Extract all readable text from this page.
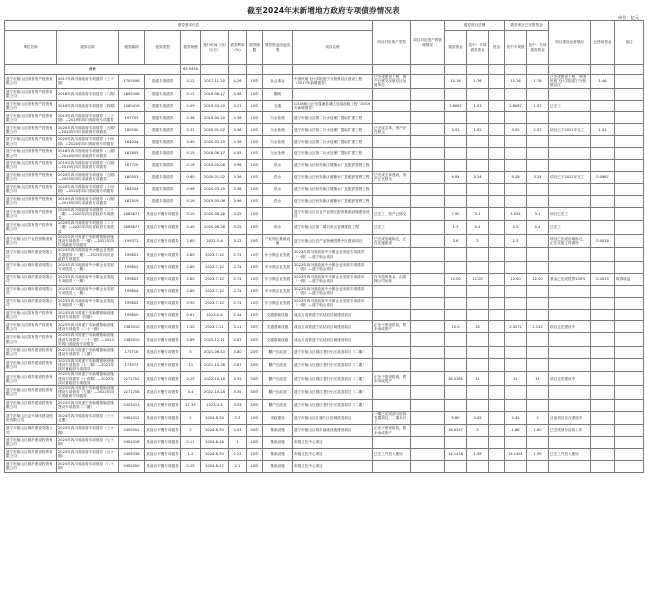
截至2024年末新增地方政府专项债券情况表
单位：亿元
债券基本信息										项目对应资产类型	项目对应资产的管理情况	债券项目总额			债券项目已安排资金		项目建设运营情况	已使用资金	备注
单位名称	债券名称	债券编码	债券类型	债券规模	发行时间（年/月/日）	债券利率(%)	债券期限	债券资金用途类型	项目名称			债券资金	其中：专项债券资金	资金	其中专项债	其中：专项债券资金			
合计				62.5455															
遂宁市船山区国有资产投资有限公司	2017年四川省政府专项债券（三十期）	1705098	普通专项债券	0.12	2017-11-20	4.26	10年	社会事业	中国民航飞行学院遂宁分校航站区建设工程（2017年新增债券）	已完成建设工程，资产已移交至航站区运营单位		15.16	1.76		15.16	1.76	已完成建设工程，中国民航飞行学院遂宁分校航站区	1.46	
遂宁市船山区国有资产投资有限公司	2018年四川省政府专项债券（八期）	1805348	普通专项债券	0.12	2018-06-17	3.96	10年	棚改											
遂宁市船山区国有资产投资有限公司	2019年四川省政府专项债券（四期）	1580419	普通专项债券	0.09	2019-03-20	3.27	10年	交通	G318船山区至蓬溪县城区连接道路工程（2019年新增债券）			2.8087	1.03		2.8087	1.03	已完工		
遂宁市船山区国有资产投资有限公司	2019年四川省政府专项债券（二十期）—2019年四川省政府专项债券	197705	普通专项债券	0.36	2019-09-20	3.36	10年	污水处理	遂宁市船山区第二污水处理厂提标扩建工程										
遂宁市船山区国有资产投资有限公司	2020年四川省政府专项债券（五期）—2020年四川省政府专项债券	180530	普通专项债券	0.33	2020-01-02	3.36	10年	污水处理	遂宁市船山区第二污水处理厂提标扩建工程	已完成主体，资产正在移交		3.92	1.62		3.92	2.03	项目已于2021年完工	1.03	
遂宁市船山区国有资产投资有限公司	2020年四川省政府专项债券（十四期）—2020年四川省政府专项债券	184034	普通专项债券	0.40	2020-03-29	3.36	10年	污水处理	遂宁市船山区第二污水处理厂提标扩建工程										
遂宁市船山区国有资产投资有限公司	2018年四川省政府专项债券（八期）—2018年四川省政府专项债券	187605	普通专项债券	0.15	2018-06-17	4.05	10年	污水处理	遂宁市船山区第二污水处理厂提标扩建工程										
遂宁市船山区国有资产投资有限公司	2019年四川省政府专项债券（六期）—2019年四川省政府专项债券	187720	普通专项债券	0.16	2019-05-06	3.96	10年	供水	遂宁市船山区河东新区城镇水厂及配套管网工程										
遂宁市船山区国有资产投资有限公司	2020年四川省政府专项债券（五期）—2020年四川省政府专项债券	180503	普通专项债券	0.60	2020-01-02	3.36	10年	供水	遂宁市船山区河东新区城镇水厂及配套管网工程	已完成主体建设，资产正在移交		9.84	3.24		9.28	3.24	项目已于2022年完工	0.0987	
遂宁市船山区国有资产投资有限公司	2020年四川省政府专项债券（十四期）—2020年四川省政府专项债券	184534	普通专项债券	0.98	2020-03-29	3.36	10年	供水	遂宁市船山区河东新区城镇水厂及配套管网工程										
遂宁市船山区国有资产投资有限公司	2019年四川省政府专项债券（六期）—2019年四川省政府专项债券	187519	普通专项债券	0.16	2019-05-06	3.96	10年	供水	遂宁市船山区河东新区城镇水厂及配套管网工程										
遂宁市船山区国有资产投资有限公司	2020年四川省政府专项债券（二十二期）—2020年四川省政府专项债券	2085877	其他自平衡专项债券	3.10	2020-08-26	3.25	10年		遂宁市船山区农业产业园区配套基础设施建设项目	已完工，资产已移交		7.90	3.1		5.054	3.1	项目已完工		
遂宁市船山区国有资产投资有限公司	2020年四川省政府专项债券（二十二期）—2020年四川省政府专项债券	2085877	其他自平衡专项债券	0.40	2020-08-26	3.25	10年	供水	遂宁市船山区第二期自来水管网建设工程	已完工		1.3	0.4		0.5	0.4	已完工		
遂宁市船山区产业投资集团有限公司	2022年四川省遂宁市新增基础设施建设专项债券（一期）—2022年四川省政府专项债券	199372	其他自平衡专项债券	2.60	2022-5-4	3.12	20年	产业园区基础设施	遂宁市船山区农产品物流园集中区建设项目	已完成征地拆迁，正在实施建设		3.6	2		2.3		项目已完成征地拆迁，正在实施主体建设	0.0035	
遂宁市船山区城市建设有限公司	2023年四川省政府中小微企业发展专项债券（一期）—2023年四川省政府专项债券	199851	其他自平衡专项债券	2.80	2023-7-10	2.74	10年	中小微企业发展	2023年四川省政府中小微企业发展专项债券（一期）—遂宁船山项目										
遂宁市船山区城市建设有限公司	2023年四川省政府中小微企业发展专项债券（一期）	199852	其他自平衡专项债券	2.80	2023-7-10	2.74	10年	中小微企业发展	2023年四川省政府中小微企业发展专项债券（一期）—遂宁船山项目										
遂宁市船山区城市建设有限公司	2023年四川省政府中小微企业发展专项债券（一期）	199853	其他自平衡专项债券	2.80	2023-7-10	2.74	10年	中小微企业发展	2023年四川省政府中小微企业发展专项债券（一期）—遂宁船山项目	作为投资基金，由管理公司运营		12.00	12.00		12.00	12.00	基金已完成投资100%	0.4025	取得收益
遂宁市船山区城市建设有限公司	2023年四川省政府中小微企业发展专项债券（一期）	199854	其他自平衡专项债券	2.80	2023-7-10	2.74	10年	中小微企业发展	2023年四川省政府中小微企业发展专项债券（一期）—遂宁船山项目										
遂宁市船山区城市建设有限公司	2023年四川省政府中小微企业发展专项债券（一期）	199855	其他自平衡专项债券	0.90	2023-7-10	2.74	10年	中小微企业发展	2023年四川省政府中小微企业发展专项债券（一期）—遂宁船山项目										
遂宁市船山区国有资产投资有限公司	2023年四川省遂宁市新增基础设施建设专项债券（四期）	199850	其他自平衡专项债券	0.61	2023-5-4	2.34	15年	交通基础设施	成达万高铁遂宁站站前区域建设项目										
遂宁市船山区国有资产投资有限公司	2023年四川省遂宁市新增基础设施建设专项债券（二十一期）	2385010	其他自平衡专项债券	1.30	2023-7-21	3.11	30年	交通基础设施	成达万高铁遂宁站站前区域建设项目	正处于建设阶段，暂未形成资产		10.9	10		2.4572	2.142	项目正在建设中		
遂宁市船山区国有资产投资有限公司	2023年四川省遂宁市新增基础设施建设专项债券（三十一期）—2023年四川省政府专项债券	2385010	其他自平衡专项债券	0.89	2023-12-11	2.87	30年	交通基础设施	成达万高铁遂宁站站前区域建设项目										
遂宁市船山区城乡建设投资有限公司	2021年四川省遂宁市新增基础设施建设专项债券（八期）	173718	其他自平衡专项债券	5	2021-06-10	3.80	20年	棚户区改造	遂宁市船山区城区老旧小区改造项目（二期）										
遂宁市船山区城乡建设投资有限公司	2021年四川省遂宁市新增基础设施建设专项债券（十二期）—2021年四川省政府专项债券	173973	其他自平衡专项债券	10	2021-10-28	3.67	30年	棚户区改造	遂宁市船山区城区老旧小区改造项目（二期）										
遂宁市船山区城乡建设投资有限公司	2022年四川省遂宁市新增基础设施建设专项债券（十四期）—2022年四川省政府专项债券	2271702	其他自平衡专项债券	0.25	2022-10-18	3.35	30年	棚户区改造	遂宁市船山区城区老旧小区改造项目（二期）	正处于建设阶段，暂未形成资产		38.3285	31		31	31	项目正在建设中		
遂宁市船山区城乡建设投资有限公司	2022年四川省遂宁市新增基础设施建设专项债券（九期）—2022年四川省政府专项债券	2271708	其他自平衡专项债券	4.4	2022-10-18	3.35	30年	棚户区改造	遂宁市船山区城区老旧小区改造项目（二期）										
遂宁市船山区城乡建设投资有限公司	2023年四川省遂宁市新增基础设施建设专项债券（二期）	2305413	其他自平衡专项债券	11.35	2023-4-4	3.03	30年	棚户区改造	遂宁市船山区城区老旧小区改造项目（二期）										
遂宁市船山区众兴城市建设投资有限公司	2024年四川省政府专项债券（三十五期）	2405312	其他自平衡专项债券	2	2024-8-30	2.3	15年	市政建设	遂宁市船山区红旗片区旧城改造项目	一期已完成部分征拆安置项目，二期未开工		5.80	4.45		2.45	2	目前项目正在建设中		
遂宁市船山区城市建设有限公司	2024年四川省政府专项债券（三十期）	2405352	其他自平衡专项债券	2	2024-8-30	2.41	30年	基础设施	遂宁市船山区城乡基础设施建设项目	正处于建设阶段，暂未形成资产		18.4257	5		1.66	1.60	已完成部分征拆工作		
遂宁市船山区城乡建设投资有限公司	2024年四川省政府专项债券（七十期）	2405316	其他自平衡专项债券	0.11	2024-8-16	1	20年	基础设施	市级文化中心项目										
遂宁市船山区城乡建设投资有限公司	2024年四川省政府专项债券（五十期）	2405336	其他自平衡专项债券	1.2	2024-8-30	2.22	20年	基础设施	市级文化中心项目	已完工并投入使用		14.1418	1.99		14.1491	1.99	已完工并投入使用		
遂宁市船山区城乡建设投资有限公司	2024年四川省政府专项债券（八十期）	2405350	其他自平衡专项债券	0.25	2024-8-27	2.1	20年	基础设施	市级文化中心项目										
